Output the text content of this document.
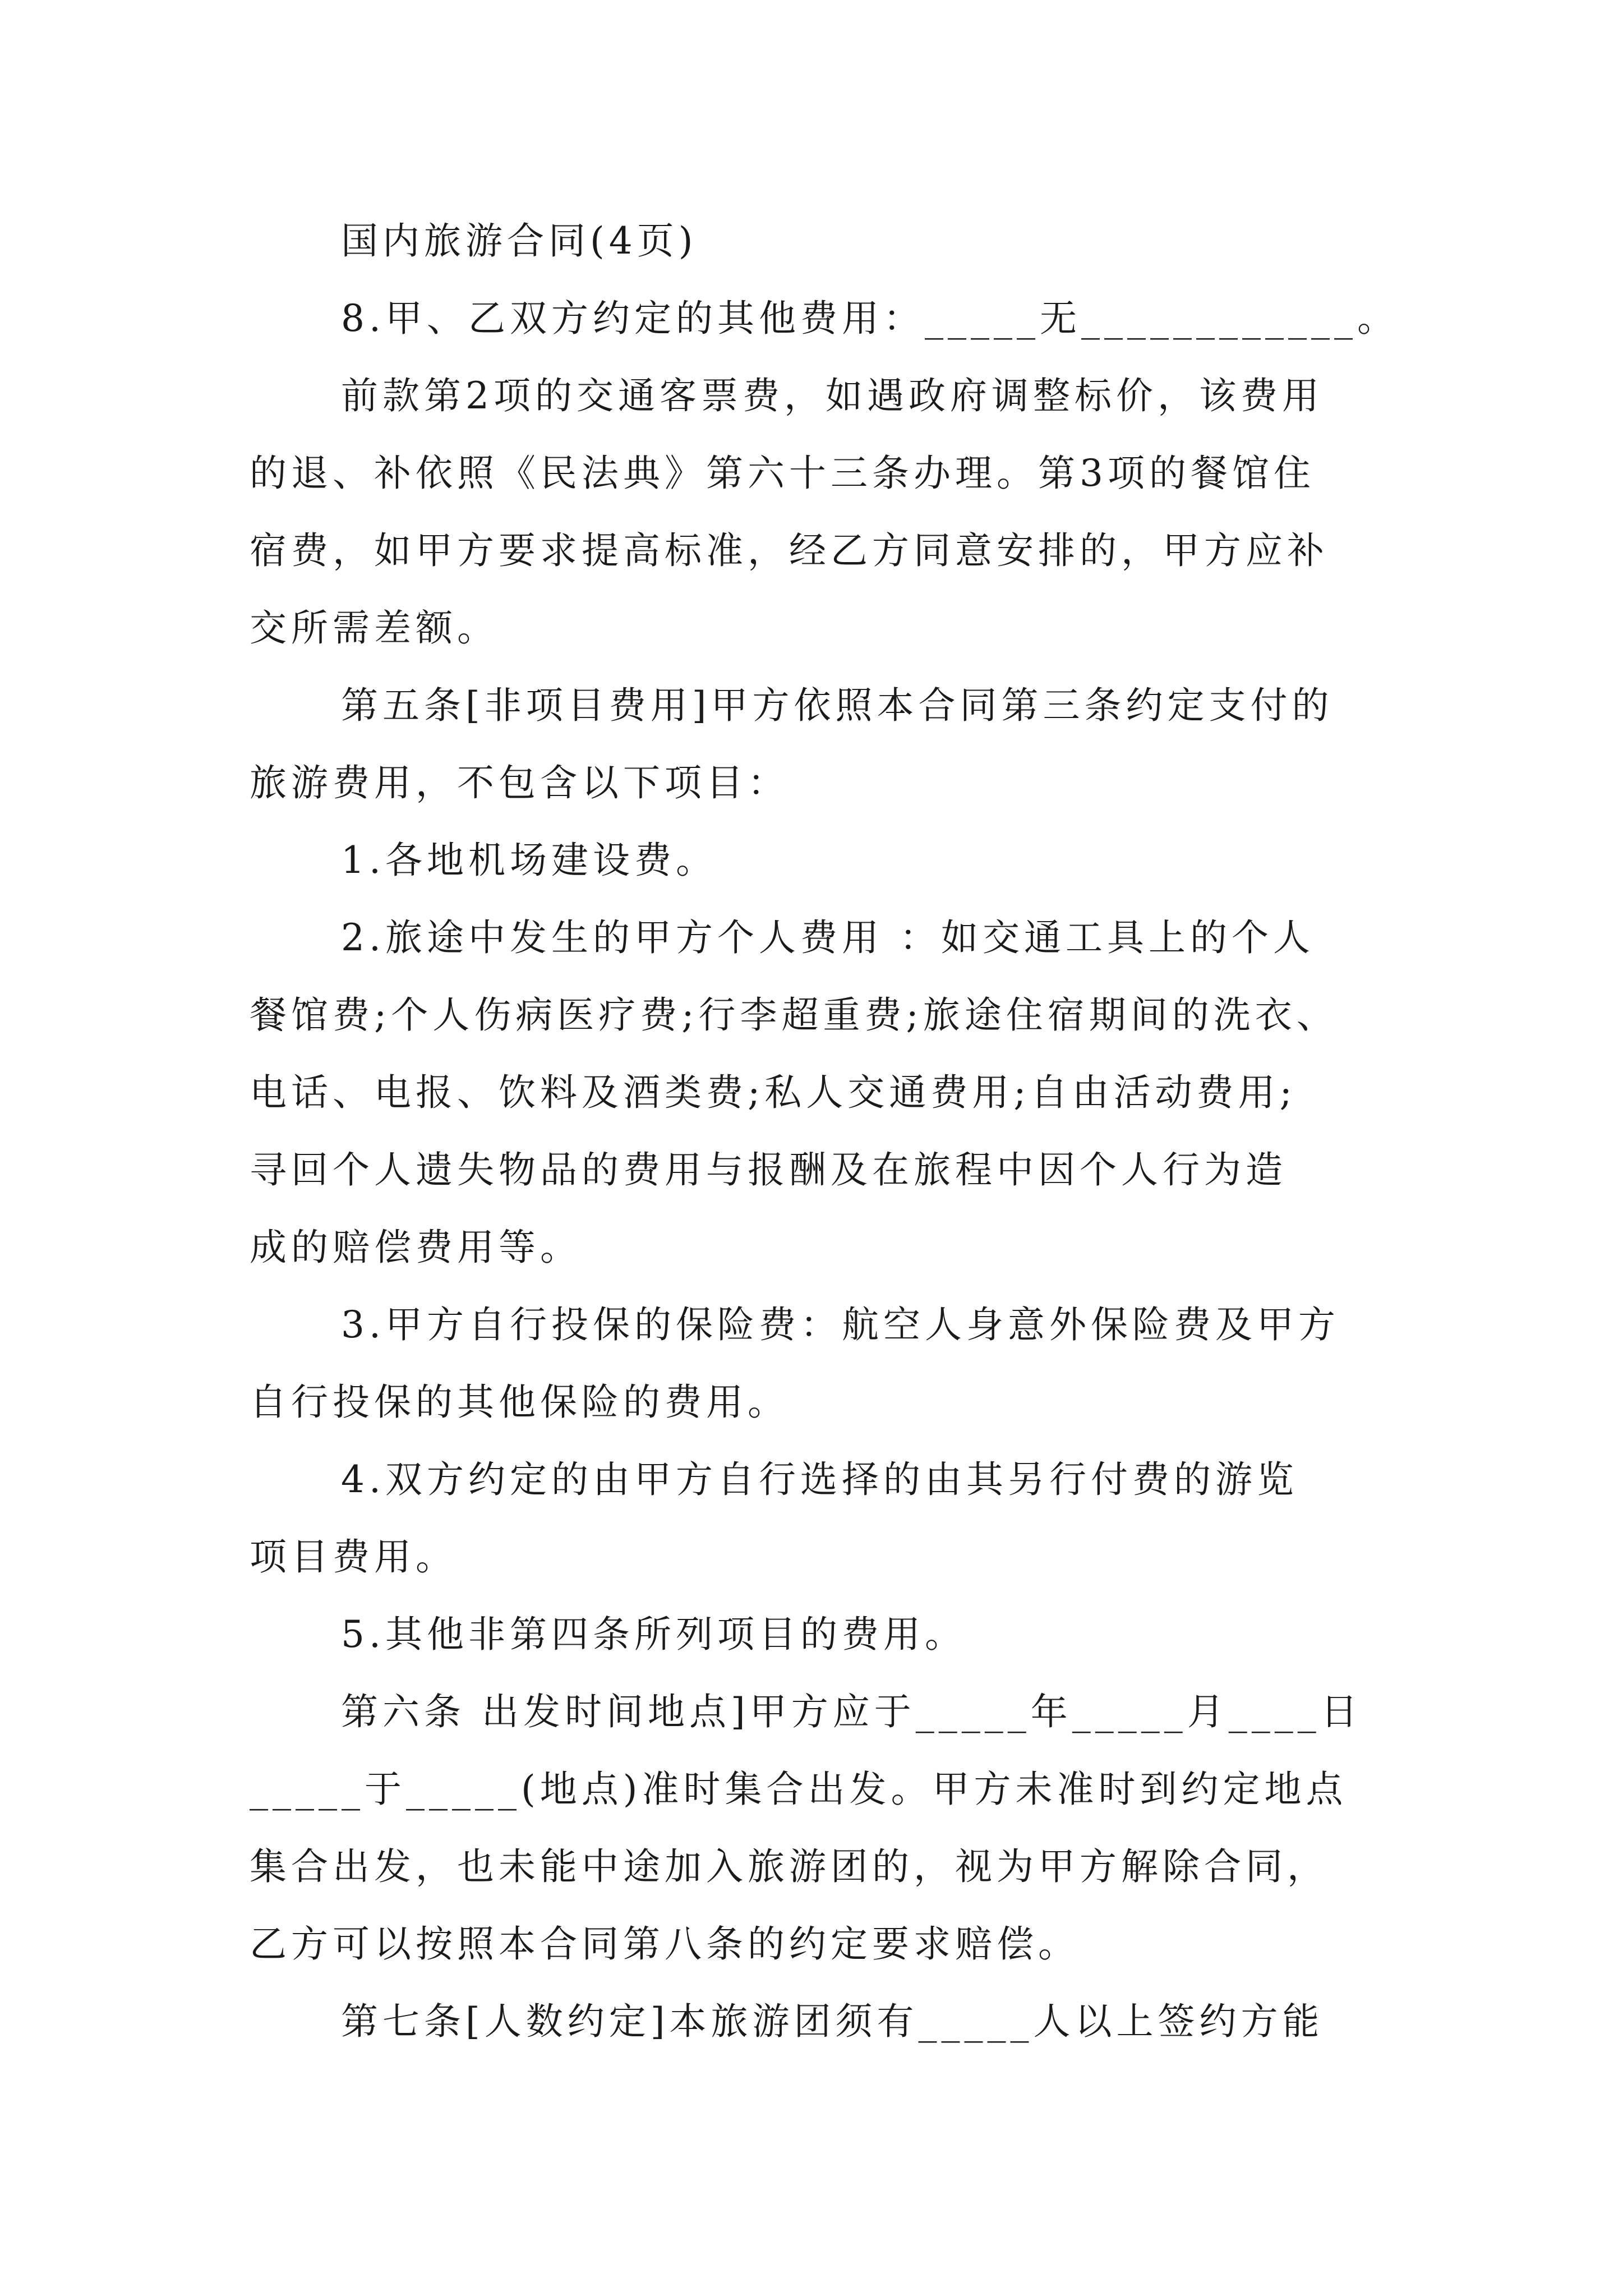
国内旅游合同(4页)
8.甲、乙双方约定的其他费用：_____无____________。
前款第2项的交通客票费，如遇政府调整标价，该费用
的退、补依照《民法典》第六十三条办理。第3项的餐馆住
宿费，如甲方要求提高标准，经乙方同意安排的，甲方应补
交所需差额。
第五条[非项目费用]甲方依照本合同第三条约定支付的
旅游费用，不包含以下项目：
1.各地机场建设费。
2.旅途中发生的甲方个人费用 ：如交通工具上的个人
餐馆费;个人伤病医疗费;行李超重费;旅途住宿期间的洗衣、
电话、电报、饮料及酒类费;私人交通费用;自由活动费用;
寻回个人遗失物品的费用与报酬及在旅程中因个人行为造
成的赔偿费用等。
3.甲方自行投保的保险费：航空人身意外保险费及甲方
自行投保的其他保险的费用。
4.双方约定的由甲方自行选择的由其另行付费的游览
项目费用。
5.其他非第四条所列项目的费用。
第六条 出发时间地点]甲方应于_____年_____月____日
_____于_____(地点)准时集合出发。甲方未准时到约定地点
集合出发，也未能中途加入旅游团的，视为甲方解除合同，
乙方可以按照本合同第八条的约定要求赔偿。
第七条[人数约定]本旅游团须有_____人以上签约方能
